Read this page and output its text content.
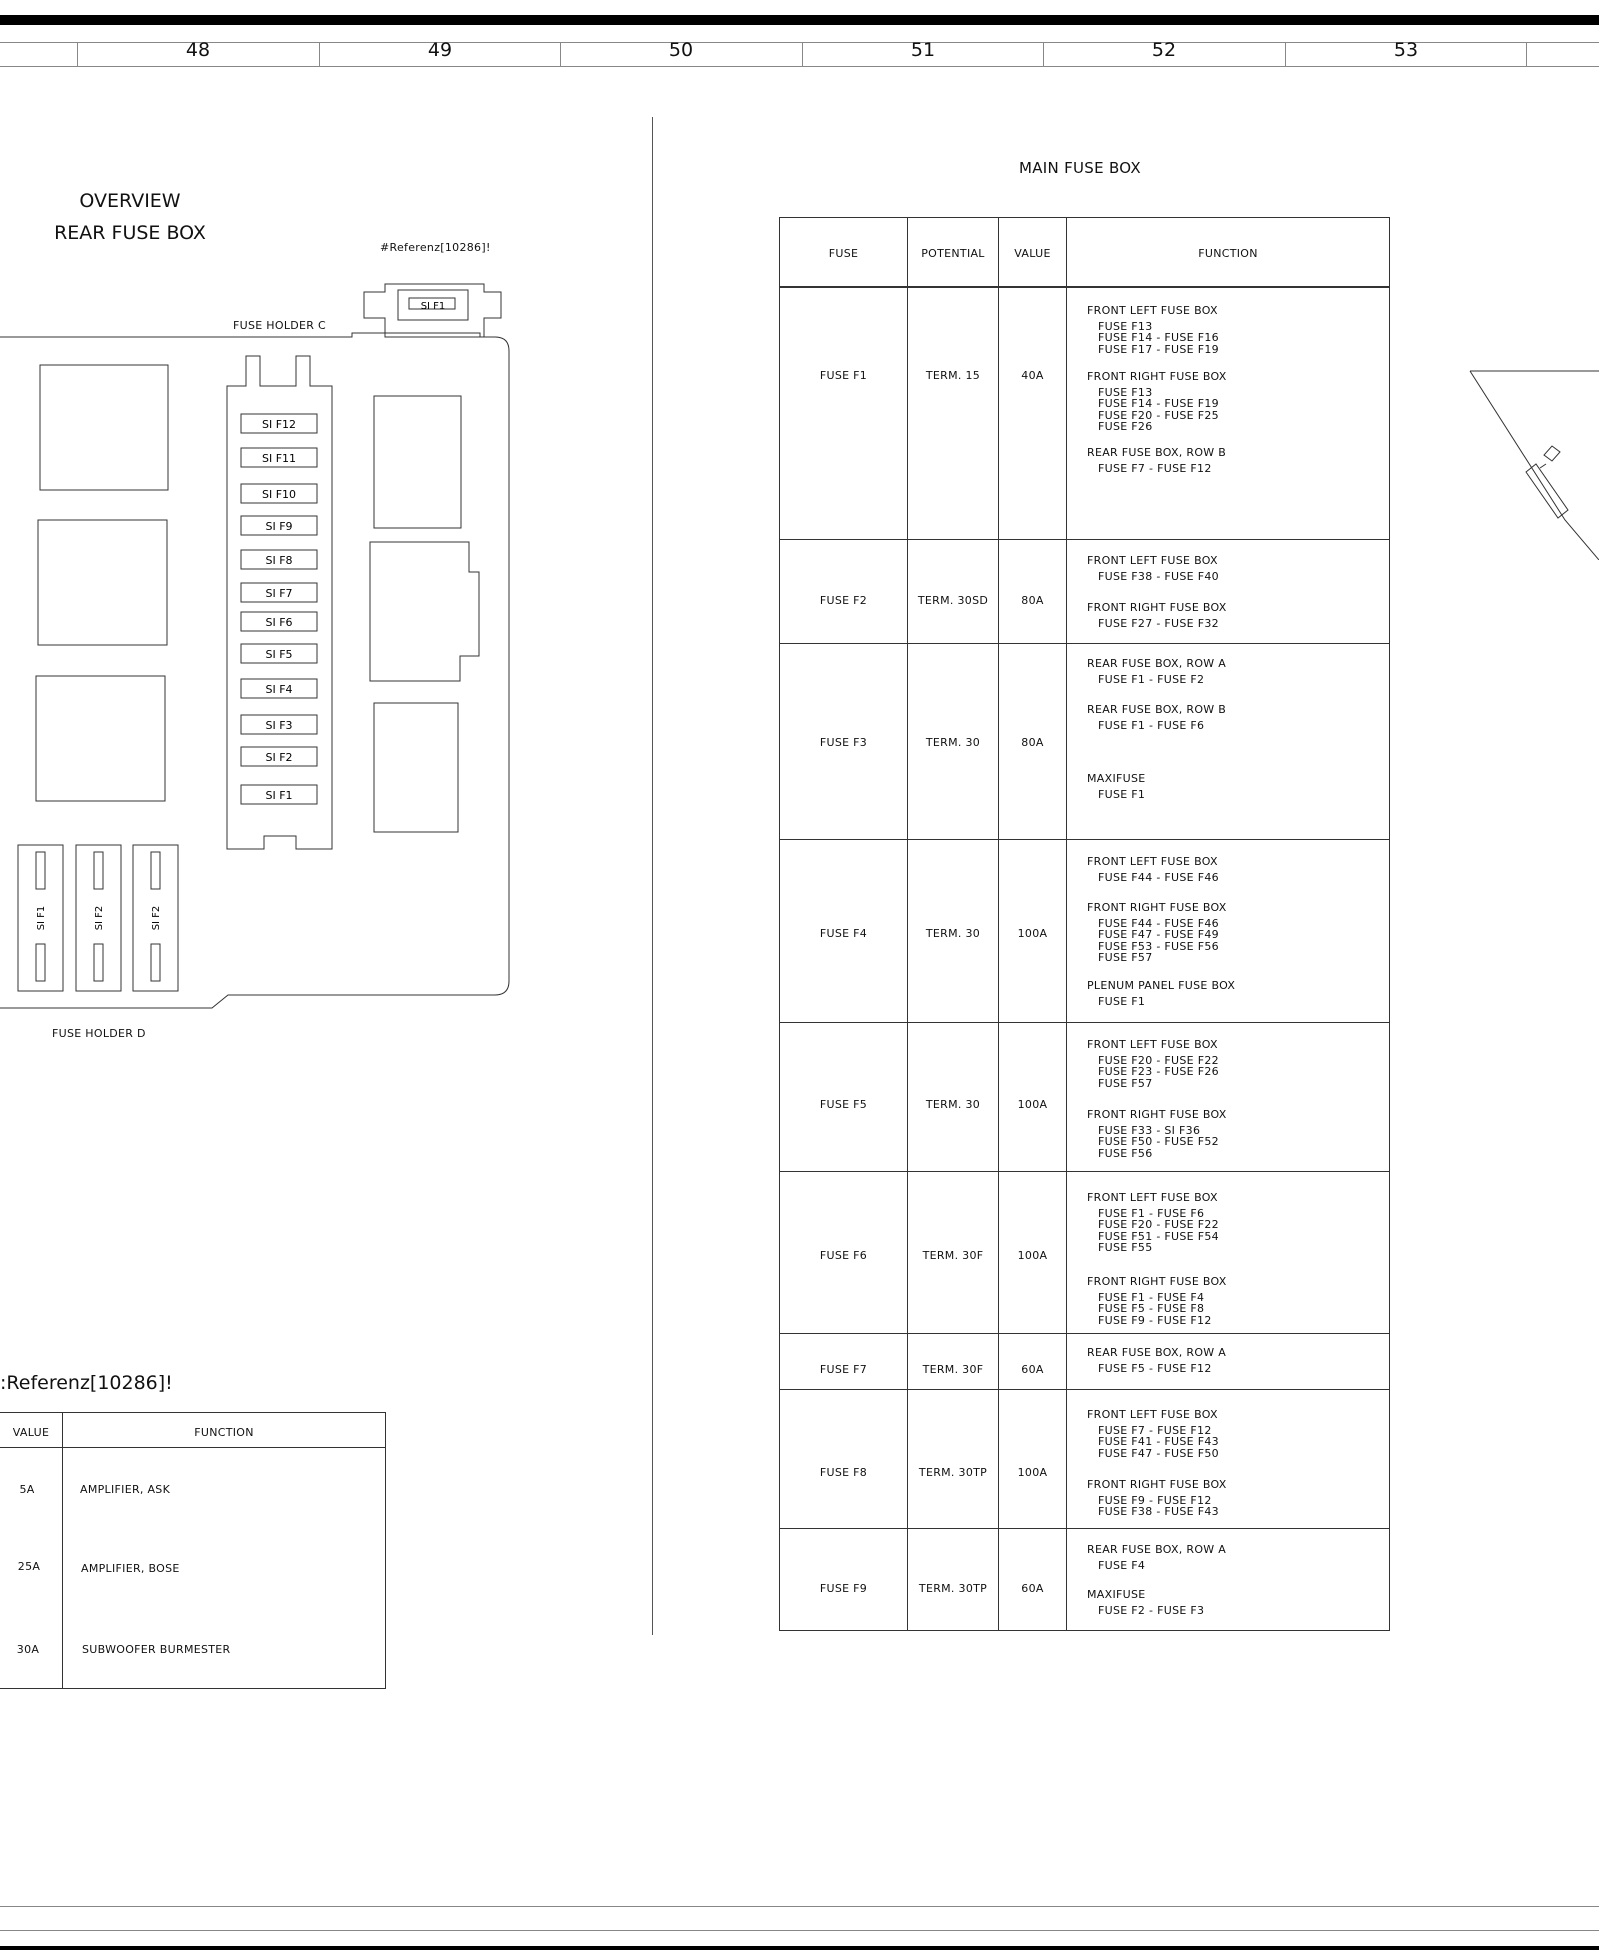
48	49	50	51	52	53
OVERVIEW
REAR FUSE BOX
#Referenz[10286]!
FUSE HOLDER C
FUSE HOLDER D
SI F1
SI F1	SI F2	SI F2
SI F12
SI F11
SI F10
SI F9
SI F8
SI F7
SI F6
SI F5
SI F4
SI F3
SI F2
SI F1
:Referenz[10286]!
VALUE	FUNCTION
5A	AMPLIFIER, ASK
25A	AMPLIFIER, BOSE
30A	SUBWOOFER BURMESTER
MAIN FUSE BOX
FUSE	POTENTIAL	VALUE	FUNCTION
FUSE F1	TERM. 15	40A
FRONT LEFT FUSE BOX
FUSE F13
FUSE F14 - FUSE F16
FUSE F17 - FUSE F19
FRONT RIGHT FUSE BOX
FUSE F13
FUSE F14 - FUSE F19
FUSE F20 - FUSE F25
FUSE F26
REAR FUSE BOX, ROW B
FUSE F7 - FUSE F12
FUSE F2	TERM. 30SD	80A
FRONT LEFT FUSE BOX
FUSE F38 - FUSE F40
FRONT RIGHT FUSE BOX
FUSE F27 - FUSE F32
FUSE F3	TERM. 30	80A
REAR FUSE BOX, ROW A
FUSE F1 - FUSE F2
REAR FUSE BOX, ROW B
FUSE F1 - FUSE F6
MAXIFUSE
FUSE F1
FUSE F4	TERM. 30	100A
FRONT LEFT FUSE BOX
FUSE F44 - FUSE F46
FRONT RIGHT FUSE BOX
FUSE F44 - FUSE F46
FUSE F47 - FUSE F49
FUSE F53 - FUSE F56
FUSE F57
PLENUM PANEL FUSE BOX
FUSE F1
FUSE F5	TERM. 30	100A
FRONT LEFT FUSE BOX
FUSE F20 - FUSE F22
FUSE F23 - FUSE F26
FUSE F57
FRONT RIGHT FUSE BOX
FUSE F33 - SI F36
FUSE F50 - FUSE F52
FUSE F56
FUSE F6	TERM. 30F	100A
FRONT LEFT FUSE BOX
FUSE F1 - FUSE F6
FUSE F20 - FUSE F22
FUSE F51 - FUSE F54
FUSE F55
FRONT RIGHT FUSE BOX
FUSE F1 - FUSE F4
FUSE F5 - FUSE F8
FUSE F9 - FUSE F12
FUSE F7	TERM. 30F	60A
REAR FUSE BOX, ROW A
FUSE F5 - FUSE F12
FUSE F8	TERM. 30TP	100A
FRONT LEFT FUSE BOX
FUSE F7 - FUSE F12
FUSE F41 - FUSE F43
FUSE F47 - FUSE F50
FRONT RIGHT FUSE BOX
FUSE F9 - FUSE F12
FUSE F38 - FUSE F43
FUSE F9	TERM. 30TP	60A
REAR FUSE BOX, ROW A
FUSE F4
MAXIFUSE
FUSE F2 - FUSE F3
